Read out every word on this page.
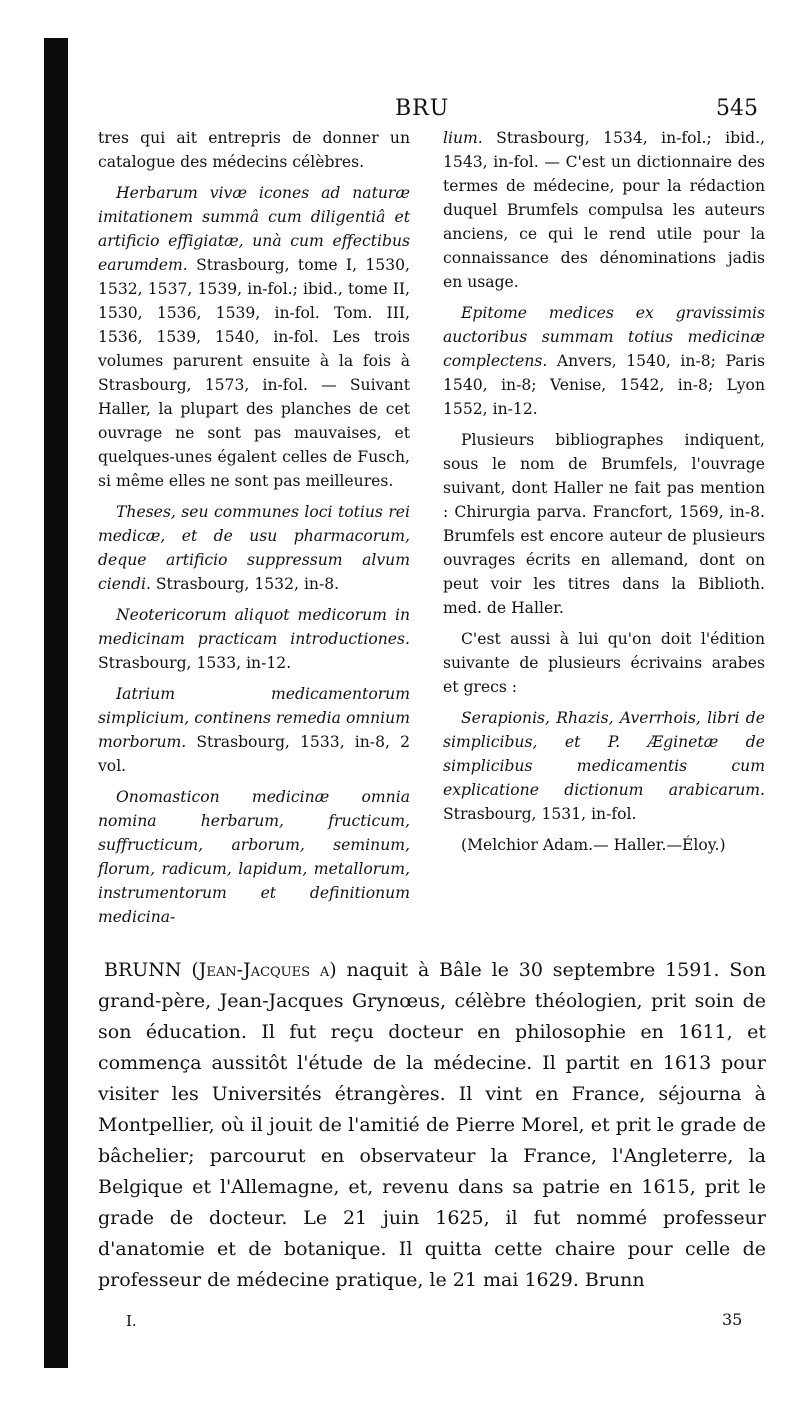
BRU	545

tres qui ait entrepris de donner un catalogue des médecins célèbres.

Herbarum vivæ icones ad naturæ imitationem summâ cum diligentiâ et artificio effigiatæ, unà cum effectibus earumdem. Strasbourg, tome I, 1530, 1532, 1537, 1539, in-fol.; ibid., tome II, 1530, 1536, 1539, in-fol. Tom. III, 1536, 1539, 1540, in-fol. Les trois volumes parurent ensuite à la fois à Strasbourg, 1573, in-fol. — Suivant Haller, la plupart des planches de cet ouvrage ne sont pas mauvaises, et quelques-unes égalent celles de Fusch, si même elles ne sont pas meilleures.

Theses, seu communes loci totius rei medicæ, et de usu pharmacorum, deque artificio suppressum alvum ciendi. Strasbourg, 1532, in-8.

Neotericorum aliquot medicorum in medicinam practicam introductiones. Strasbourg, 1533, in-12.

Iatrium medicamentorum simplicium, continens remedia omnium morborum. Strasbourg, 1533, in-8, 2 vol.

Onomasticon medicinæ omnia nomina herbarum, fructicum, suffructicum, arborum, seminum, florum, radicum, lapidum, metallorum, instrumentorum et definitionum medicina-

lium. Strasbourg, 1534, in-fol.; ibid., 1543, in-fol. — C'est un dictionnaire des termes de médecine, pour la rédaction duquel Brumfels compulsa les auteurs anciens, ce qui le rend utile pour la connaissance des dénominations jadis en usage.

Epitome medices ex gravissimis auctoribus summam totius medicinæ complectens. Anvers, 1540, in-8; Paris 1540, in-8; Venise, 1542, in-8; Lyon 1552, in-12.

Plusieurs bibliographes indiquent, sous le nom de Brumfels, l'ouvrage suivant, dont Haller ne fait pas mention : Chirurgia parva. Francfort, 1569, in-8. Brumfels est encore auteur de plusieurs ouvrages écrits en allemand, dont on peut voir les titres dans la Biblioth. med. de Haller.

C'est aussi à lui qu'on doit l'édition suivante de plusieurs écrivains arabes et grecs :

Serapionis, Rhazis, Averrhois, libri de simplicibus, et P. Æginetæ de simplicibus medicamentis cum explicatione dictionum arabicarum. Strasbourg, 1531, in-fol.

(Melchior Adam.— Haller.—Éloy.)

BRUNN (Jean-Jacques a) naquit à Bâle le 30 septembre 1591. Son grand-père, Jean-Jacques Grynœus, célèbre théologien, prit soin de son éducation. Il fut reçu docteur en philosophie en 1611, et commença aussitôt l'étude de la médecine. Il partit en 1613 pour visiter les Universités étrangères. Il vint en France, séjourna à Montpellier, où il jouit de l'amitié de Pierre Morel, et prit le grade de bâchelier; parcourut en observateur la France, l'Angleterre, la Belgique et l'Allemagne, et, revenu dans sa patrie en 1615, prit le grade de docteur. Le 21 juin 1625, il fut nommé professeur d'anatomie et de botanique. Il quitta cette chaire pour celle de professeur de médecine pratique, le 21 mai 1629. Brunn

I.	35
